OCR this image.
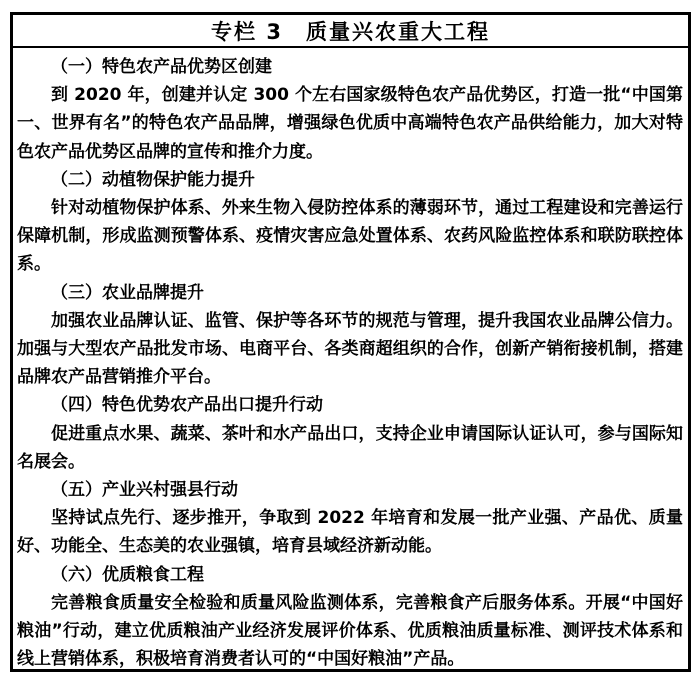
专栏 3　质量兴农重大工程

（一）特色农产品优势区创建

到 2020 年，创建并认定 300 个左右国家级特色农产品优势区，打造一批“中国第一、世界有名”的特色农产品品牌，增强绿色优质中高端特色农产品供给能力，加大对特色农产品优势区品牌的宣传和推介力度。

（二）动植物保护能力提升

针对动植物保护体系、外来生物入侵防控体系的薄弱环节，通过工程建设和完善运行保障机制，形成监测预警体系、疫情灾害应急处置体系、农药风险监控体系和联防联控体系。

（三）农业品牌提升

加强农业品牌认证、监管、保护等各环节的规范与管理，提升我国农业品牌公信力。加强与大型农产品批发市场、电商平台、各类商超组织的合作，创新产销衔接机制，搭建品牌农产品营销推介平台。

（四）特色优势农产品出口提升行动

促进重点水果、蔬菜、茶叶和水产品出口，支持企业申请国际认证认可，参与国际知名展会。

（五）产业兴村强县行动

坚持试点先行、逐步推开，争取到 2022 年培育和发展一批产业强、产品优、质量好、功能全、生态美的农业强镇，培育县域经济新动能。

（六）优质粮食工程

完善粮食质量安全检验和质量风险监测体系，完善粮食产后服务体系。开展“中国好粮油”行动，建立优质粮油产业经济发展评价体系、优质粮油质量标准、测评技术体系和线上营销体系，积极培育消费者认可的“中国好粮油”产品。
